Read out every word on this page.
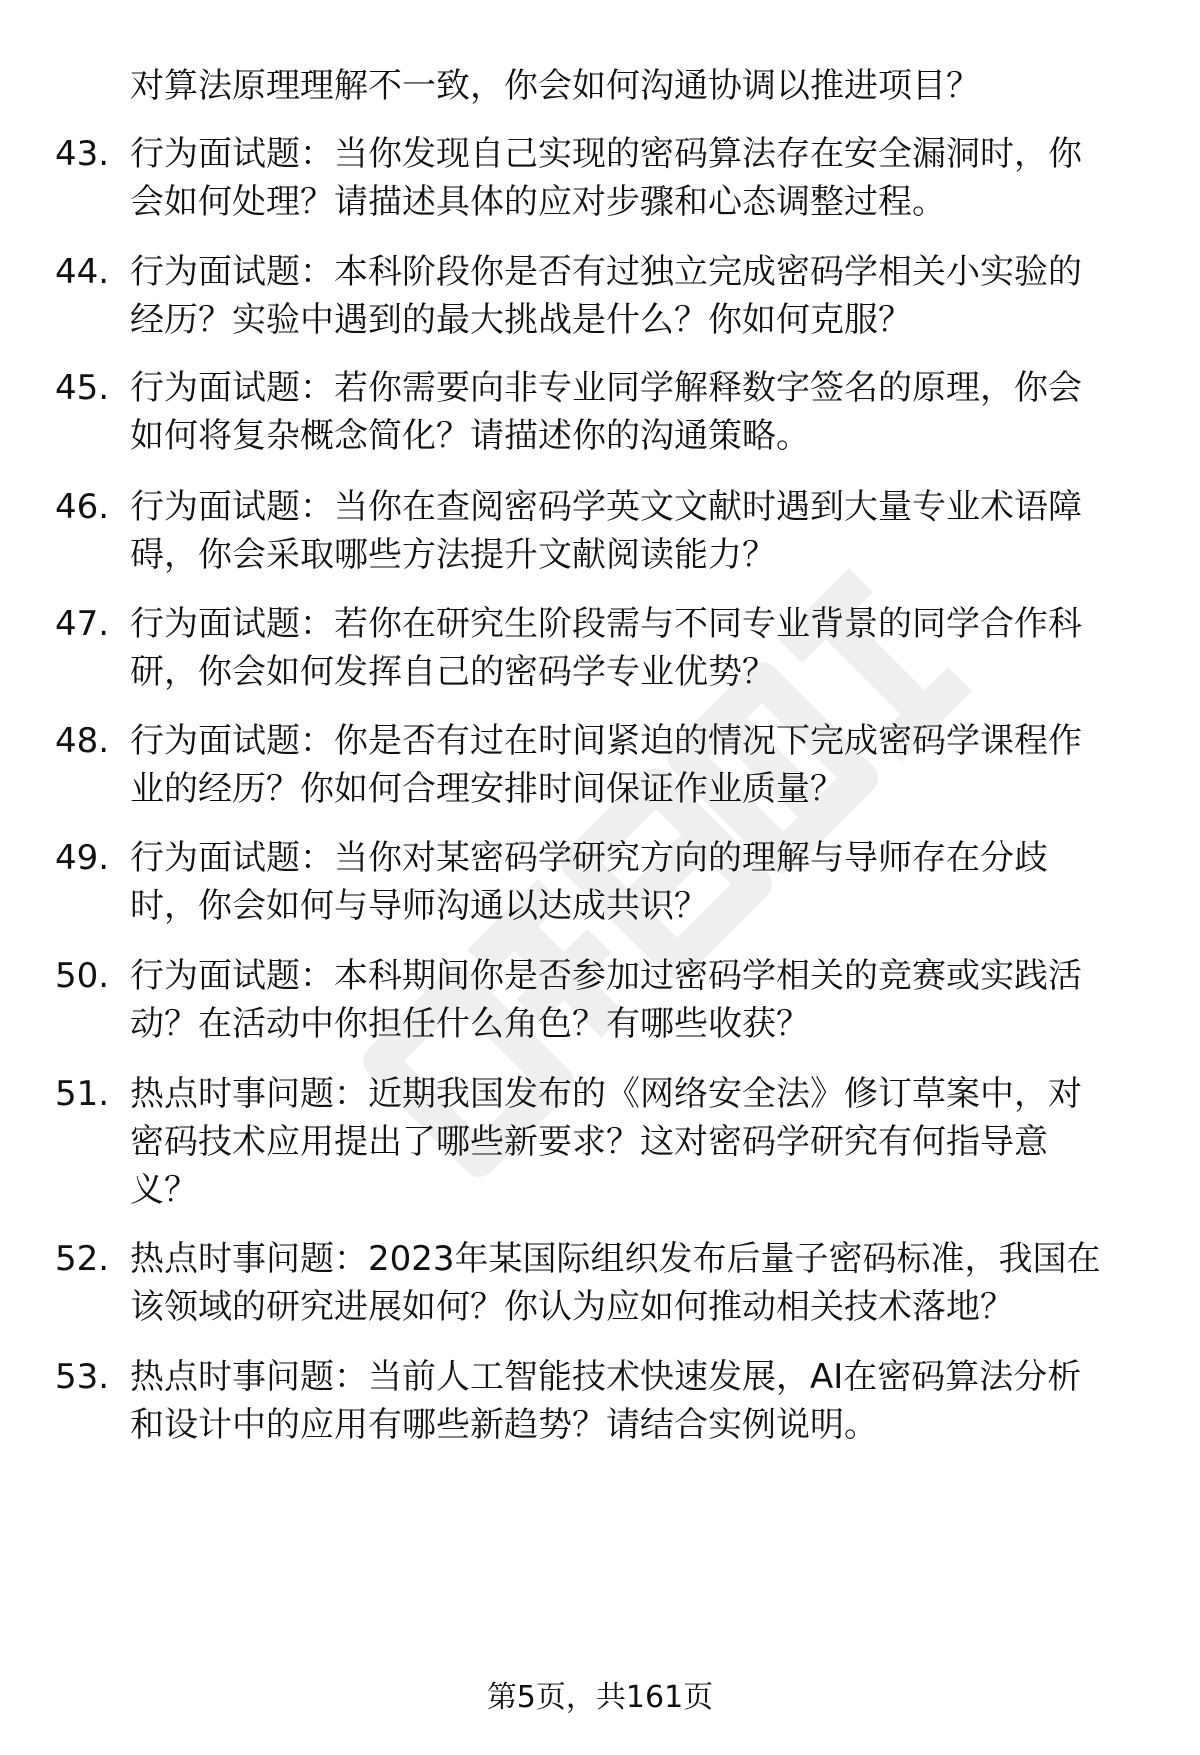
对算法原理理解不一致，你会如何沟通协调以推进项目？
43. 行为面试题：当你发现自己实现的密码算法存在安全漏洞时，你
会如何处理？请描述具体的应对步骤和心态调整过程。
44. 行为面试题：本科阶段你是否有过独立完成密码学相关小实验的
经历？实验中遇到的最大挑战是什么？你如何克服？
45. 行为面试题：若你需要向非专业同学解释数字签名的原理，你会
如何将复杂概念简化？请描述你的沟通策略。
46. 行为面试题：当你在查阅密码学英文文献时遇到大量专业术语障
碍，你会采取哪些方法提升文献阅读能力？
47. 行为面试题：若你在研究生阶段需与不同专业背景的同学合作科
研，你会如何发挥自己的密码学专业优势？
48. 行为面试题：你是否有过在时间紧迫的情况下完成密码学课程作
业的经历？你如何合理安排时间保证作业质量？
49. 行为面试题：当你对某密码学研究方向的理解与导师存在分歧
时，你会如何与导师沟通以达成共识？
50. 行为面试题：本科期间你是否参加过密码学相关的竞赛或实践活
动？在活动中你担任什么角色？有哪些收获？
51. 热点时事问题：近期我国发布的《网络安全法》修订草案中，对
密码技术应用提出了哪些新要求？这对密码学研究有何指导意
义？
52. 热点时事问题：2023年某国际组织发布后量子密码标准，我国在
该领域的研究进展如何？你认为应如何推动相关技术落地？
53. 热点时事问题：当前人工智能技术快速发展，AI在密码算法分析
和设计中的应用有哪些新趋势？请结合实例说明。
第5页，共161页
